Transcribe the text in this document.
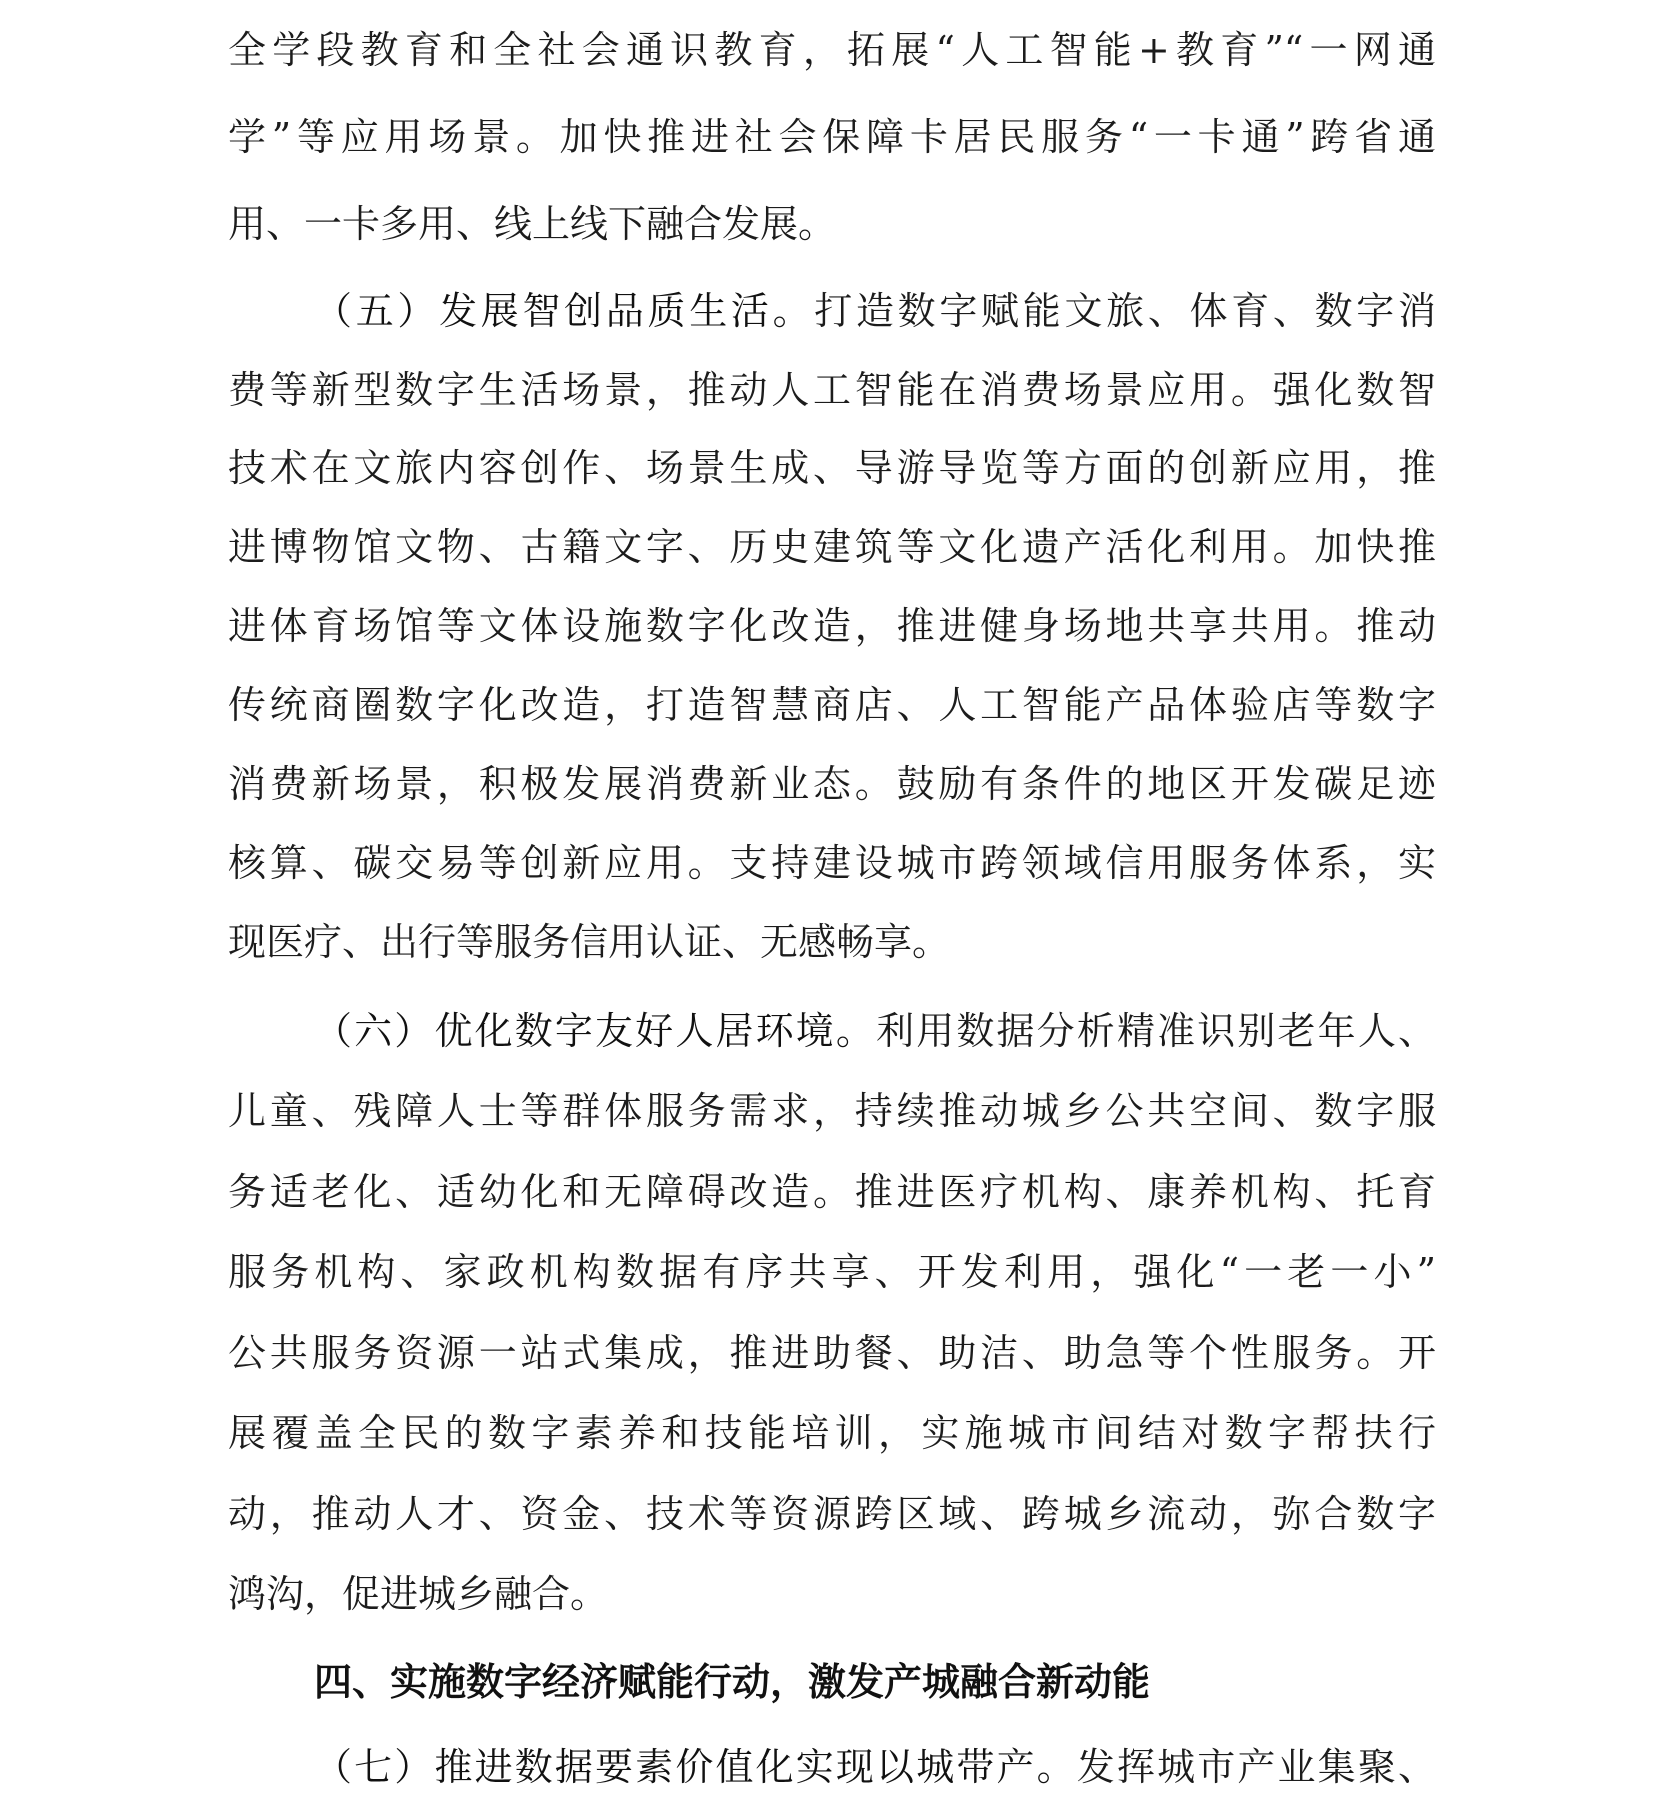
全学段教育和全社会通识教育，拓展“人工智能+教育”“一网通
学”等应用场景。加快推进社会保障卡居民服务“一卡通”跨省通
用、一卡多用、线上线下融合发展。
（五）发展智创品质生活。打造数字赋能文旅、体育、数字消
费等新型数字生活场景，推动人工智能在消费场景应用。强化数智
技术在文旅内容创作、场景生成、导游导览等方面的创新应用，推
进博物馆文物、古籍文字、历史建筑等文化遗产活化利用。加快推
进体育场馆等文体设施数字化改造，推进健身场地共享共用。推动
传统商圈数字化改造，打造智慧商店、人工智能产品体验店等数字
消费新场景，积极发展消费新业态。鼓励有条件的地区开发碳足迹
核算、碳交易等创新应用。支持建设城市跨领域信用服务体系，实
现医疗、出行等服务信用认证、无感畅享。
（六）优化数字友好人居环境。利用数据分析精准识别老年人、
儿童、残障人士等群体服务需求，持续推动城乡公共空间、数字服
务适老化、适幼化和无障碍改造。推进医疗机构、康养机构、托育
服务机构、家政机构数据有序共享、开发利用，强化“一老一小”
公共服务资源一站式集成，推进助餐、助洁、助急等个性服务。开
展覆盖全民的数字素养和技能培训，实施城市间结对数字帮扶行
动，推动人才、资金、技术等资源跨区域、跨城乡流动，弥合数字
鸿沟，促进城乡融合。
四、实施数字经济赋能行动，激发产城融合新动能
（七）推进数据要素价值化实现以城带产。发挥城市产业集聚、
